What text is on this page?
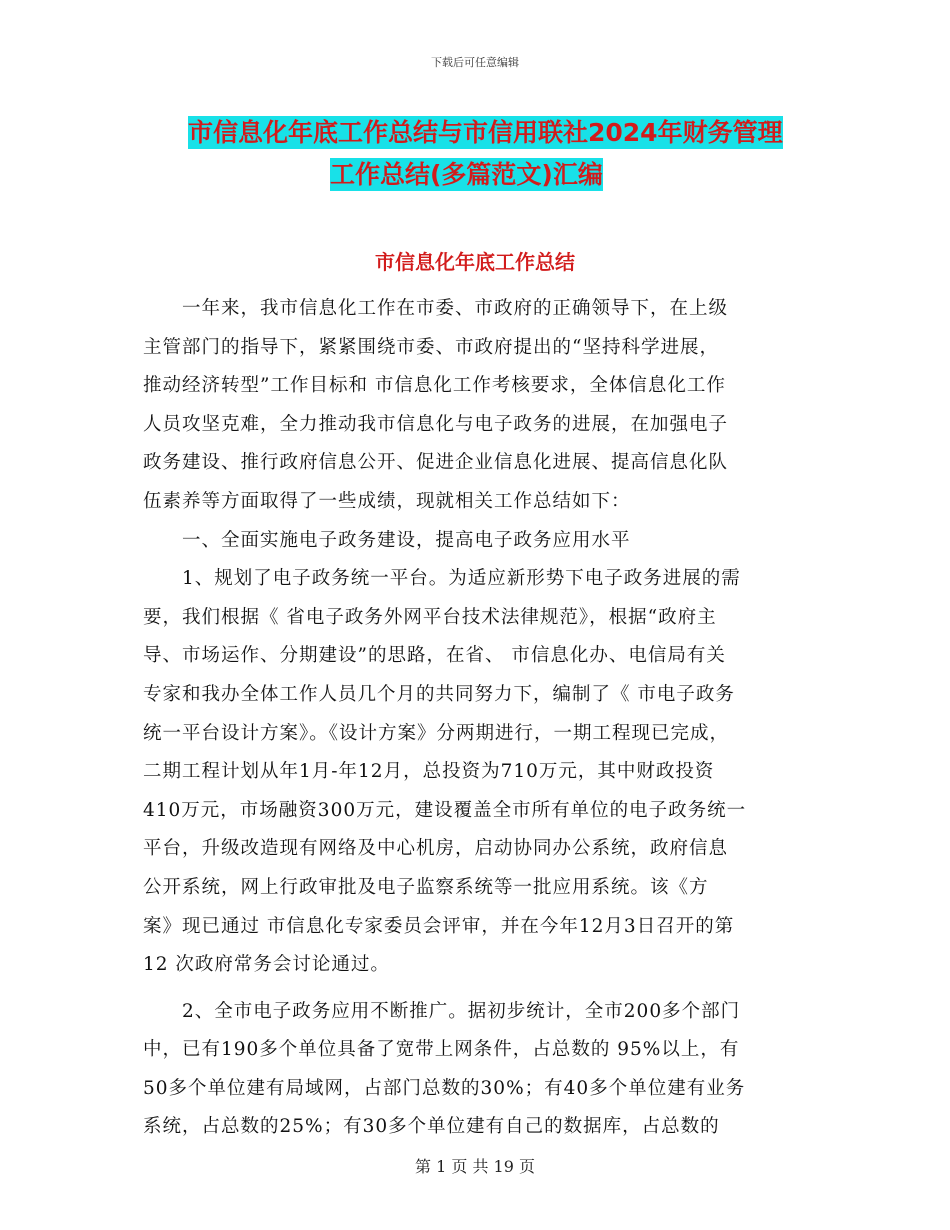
下载后可任意编辑
市信息化年底工作总结与市信用联社2024年财务管理
工作总结(多篇范文)汇编
市信息化年底工作总结
　　一年来，我市信息化工作在市委、市政府的正确领导下，在上级
主管部门的指导下，紧紧围绕市委、市政府提出的“坚持科学进展，
推动经济转型”工作目标和 市信息化工作考核要求，全体信息化工作
人员攻坚克难，全力推动我市信息化与电子政务的进展，在加强电子
政务建设、推行政府信息公开、促进企业信息化进展、提高信息化队
伍素养等方面取得了一些成绩，现就相关工作总结如下：
　　一、全面实施电子政务建设，提高电子政务应用水平
　　1、规划了电子政务统一平台。为适应新形势下电子政务进展的需
要，我们根据《 省电子政务外网平台技术法律规范》，根据“政府主
导、市场运作、分期建设”的思路，在省、 市信息化办、电信局有关
专家和我办全体工作人员几个月的共同努力下，编制了《 市电子政务
统一平台设计方案》。《设计方案》分两期进行，一期工程现已完成，
二期工程计划从年1月-年12月，总投资为710万元，其中财政投资
410万元，市场融资300万元，建设覆盖全市所有单位的电子政务统一
平台，升级改造现有网络及中心机房，启动协同办公系统，政府信息
公开系统，网上行政审批及电子监察系统等一批应用系统。该《方
案》现已通过 市信息化专家委员会评审，并在今年12月3日召开的第
12 次政府常务会讨论通过。
　　2、全市电子政务应用不断推广。据初步统计，全市200多个部门
中，已有190多个单位具备了宽带上网条件，占总数的 95%以上，有
50多个单位建有局域网，占部门总数的30%；有40多个单位建有业务
系统，占总数的25%；有30多个单位建有自己的数据库，占总数的
第 1 页 共 19 页
